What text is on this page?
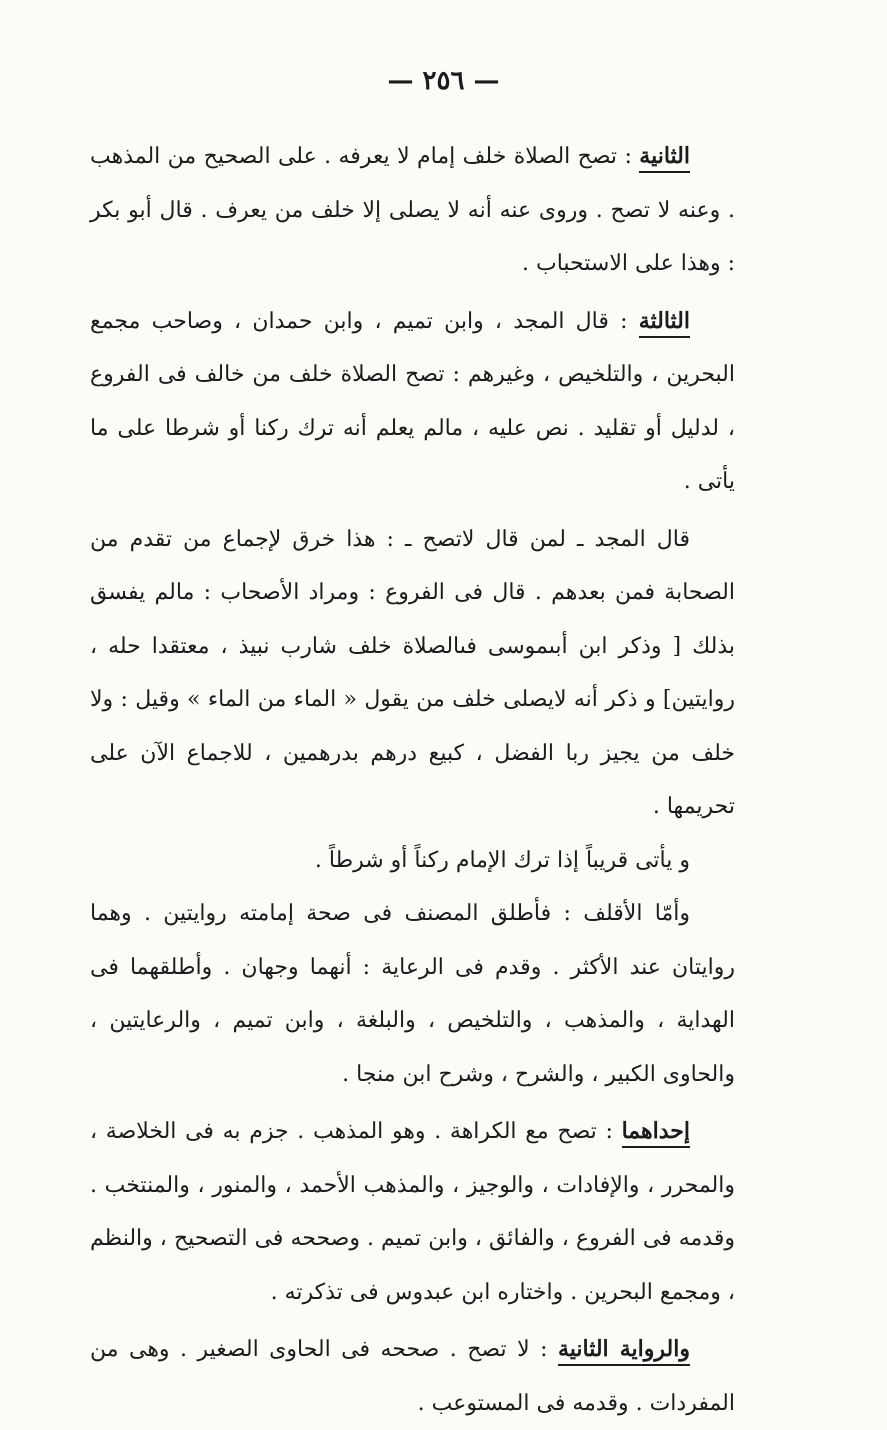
— ٢٥٦ —

الثانية : تصح الصلاة خلف إمام لا يعرفه . على الصحيح من المذهب . وعنه لا تصح . وروى عنه أنه لا يصلى إلا خلف من يعرف . قال أبو بكر : وهذا على الاستحباب .

الثالثة : قال المجد ، وابن تميم ، وابن حمدان ، وصاحب مجمع البحرين ، والتلخيص ، وغيرهم : تصح الصلاة خلف من خالف فى الفروع ، لدليل أو تقليد . نص عليه ، مالم يعلم أنه ترك ركنا أو شرطا على ما يأتى .

قال المجد ـ لمن قال لاتصح ـ : هذا خرق لإجماع من تقدم من الصحابة فمن بعدهم . قال فى الفروع : ومراد الأصحاب : مالم يفسق بذلك [ وذكر ابن أبىموسى فىالصلاة خلف شارب نبيذ ، معتقدا حله ، روايتين] و ذكر أنه لايصلى خلف من يقول « الماء من الماء » وقيل : ولا خلف من يجيز ربا الفضل ، كبيع درهم بدرهمين ، للاجماع الآن على تحريمها .

و يأتى قريباً إذا ترك الإمام ركناً أو شرطاً .

وأمّا الأقلف : فأطلق المصنف فى صحة إمامته روايتين . وهما روايتان عند الأكثر . وقدم فى الرعاية : أنهما وجهان . وأطلقهما فى الهداية ، والمذهب ، والتلخيص ، والبلغة ، وابن تميم ، والرعايتين ، والحاوى الكبير ، والشرح ، وشرح ابن منجا .

إحداهما : تصح مع الكراهة . وهو المذهب . جزم به فى الخلاصة ، والمحرر ، والإفادات ، والوجيز ، والمذهب الأحمد ، والمنور ، والمنتخب . وقدمه فى الفروع ، والفائق ، وابن تميم . وصححه فى التصحيح ، والنظم ، ومجمع البحرين . واختاره ابن عبدوس فى تذكرته .

والرواية الثانية : لا تصح . صححه فى الحاوى الصغير . وهى من المفردات . وقدمه فى المستوعب .
